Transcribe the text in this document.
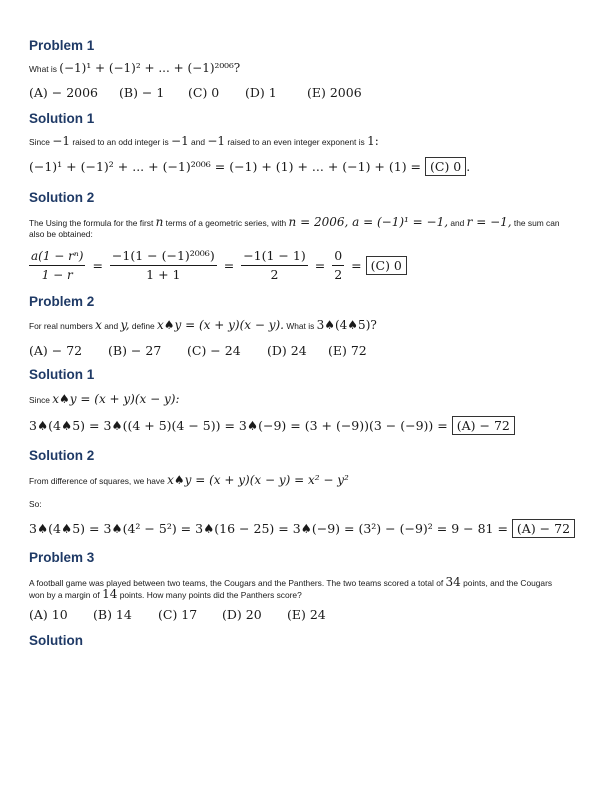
Problem 1
What is (−1)¹ + (−1)² + ... + (−1)²⁰⁰⁶?
(A) − 2006	(B) − 1	(C) 0	(D) 1	(E) 2006
Solution 1
Since −1 raised to an odd integer is −1 and −1 raised to an even integer exponent is 1:
(−1)¹ + (−1)² + ... + (−1)²⁰⁰⁶ = (−1) + (1) + ... + (−1) + (1) = (C) 0 .
Solution 2
The Using the formula for the first n terms of a geometric series, with n = 2006, a = (−1)¹ = −1, and r = −1, the sum can
also be obtained:
$\frac{\text{a(1 − rⁿ)}}{1 - r} = \frac{\text{−1(1 − (−1)²⁰⁰⁶)}}{1 + 1} = \frac{-1(1 - 1)}{2} = \frac{0}{2} = (C)$ 0
Problem 2
For real numbers x and y, define x♠y = (x + y)(x − y). What is 3♠(4♠5)?
(A) − 72	(B) − 27	(C) − 24	(D) 24	(E) 72
Solution 1
Since x♠y = (x + y)(x − y):
3♠(4♠5) = 3♠((4 + 5)(4 − 5)) = 3♠(−9) = (3 + (−9))(3 − (−9)) = (A) − 72
Solution 2
From difference of squares, we have x♠y = (x + y)(x − y) = x² − y²
So:
3♠(4♠5) = 3♠(4² − 5²) = 3♠(16 − 25) = 3♠(−9) = (3²) − (−9)² = 9 − 81 = (A) − 72
Problem 3
A football game was played between two teams, the Cougars and the Panthers. The two teams scored a total of 34 points, and the Cougars
won by a margin of 14 points. How many points did the Panthers score?
(A) 10	(B) 14	(C) 17	(D) 20	(E) 24
Solution
